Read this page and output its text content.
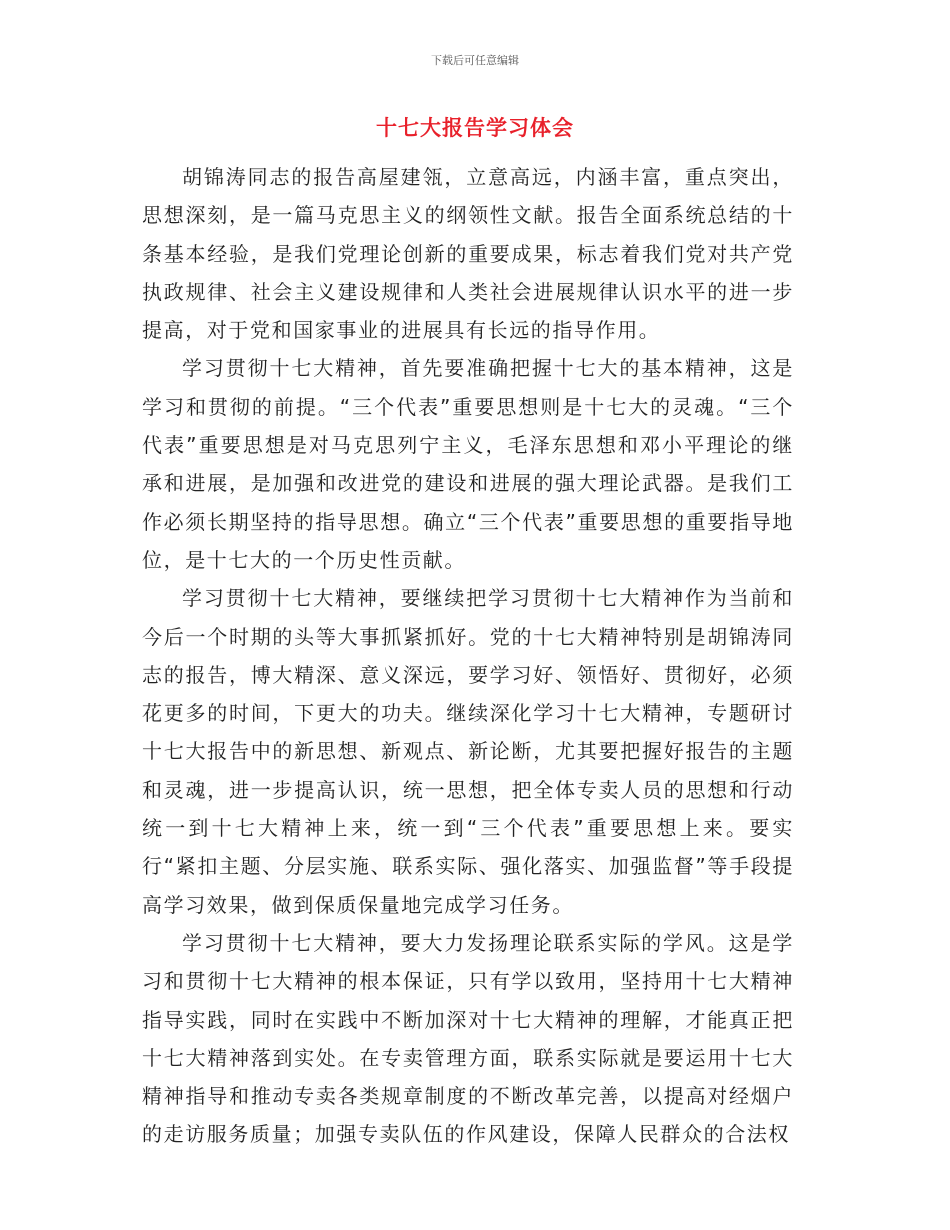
下载后可任意编辑
十七大报告学习体会

胡锦涛同志的报告高屋建瓴，立意高远，内涵丰富，重点突出，思想深刻，是一篇马克思主义的纲领性文献。报告全面系统总结的十条基本经验，是我们党理论创新的重要成果，标志着我们党对共产党执政规律、社会主义建设规律和人类社会进展规律认识水平的进一步提高，对于党和国家事业的进展具有长远的指导作用。

学习贯彻十七大精神，首先要准确把握十七大的基本精神，这是学习和贯彻的前提。“三个代表”重要思想则是十七大的灵魂。“三个代表”重要思想是对马克思列宁主义，毛泽东思想和邓小平理论的继承和进展，是加强和改进党的建设和进展的强大理论武器。是我们工作必须长期坚持的指导思想。确立“三个代表”重要思想的重要指导地位，是十七大的一个历史性贡献。

学习贯彻十七大精神，要继续把学习贯彻十七大精神作为当前和今后一个时期的头等大事抓紧抓好。党的十七大精神特别是胡锦涛同志的报告，博大精深、意义深远，要学习好、领悟好、贯彻好，必须花更多的时间，下更大的功夫。继续深化学习十七大精神，专题研讨十七大报告中的新思想、新观点、新论断，尤其要把握好报告的主题和灵魂，进一步提高认识，统一思想，把全体专卖人员的思想和行动统一到十七大精神上来，统一到“三个代表”重要思想上来。要实行“紧扣主题、分层实施、联系实际、强化落实、加强监督”等手段提高学习效果，做到保质保量地完成学习任务。

学习贯彻十七大精神，要大力发扬理论联系实际的学风。这是学习和贯彻十七大精神的根本保证，只有学以致用，坚持用十七大精神指导实践，同时在实践中不断加深对十七大精神的理解，才能真正把十七大精神落到实处。在专卖管理方面，联系实际就是要运用十七大精神指导和推动专卖各类规章制度的不断改革完善，以提高对经烟户的走访服务质量；加强专卖队伍的作风建设，保障人民群众的合法权
